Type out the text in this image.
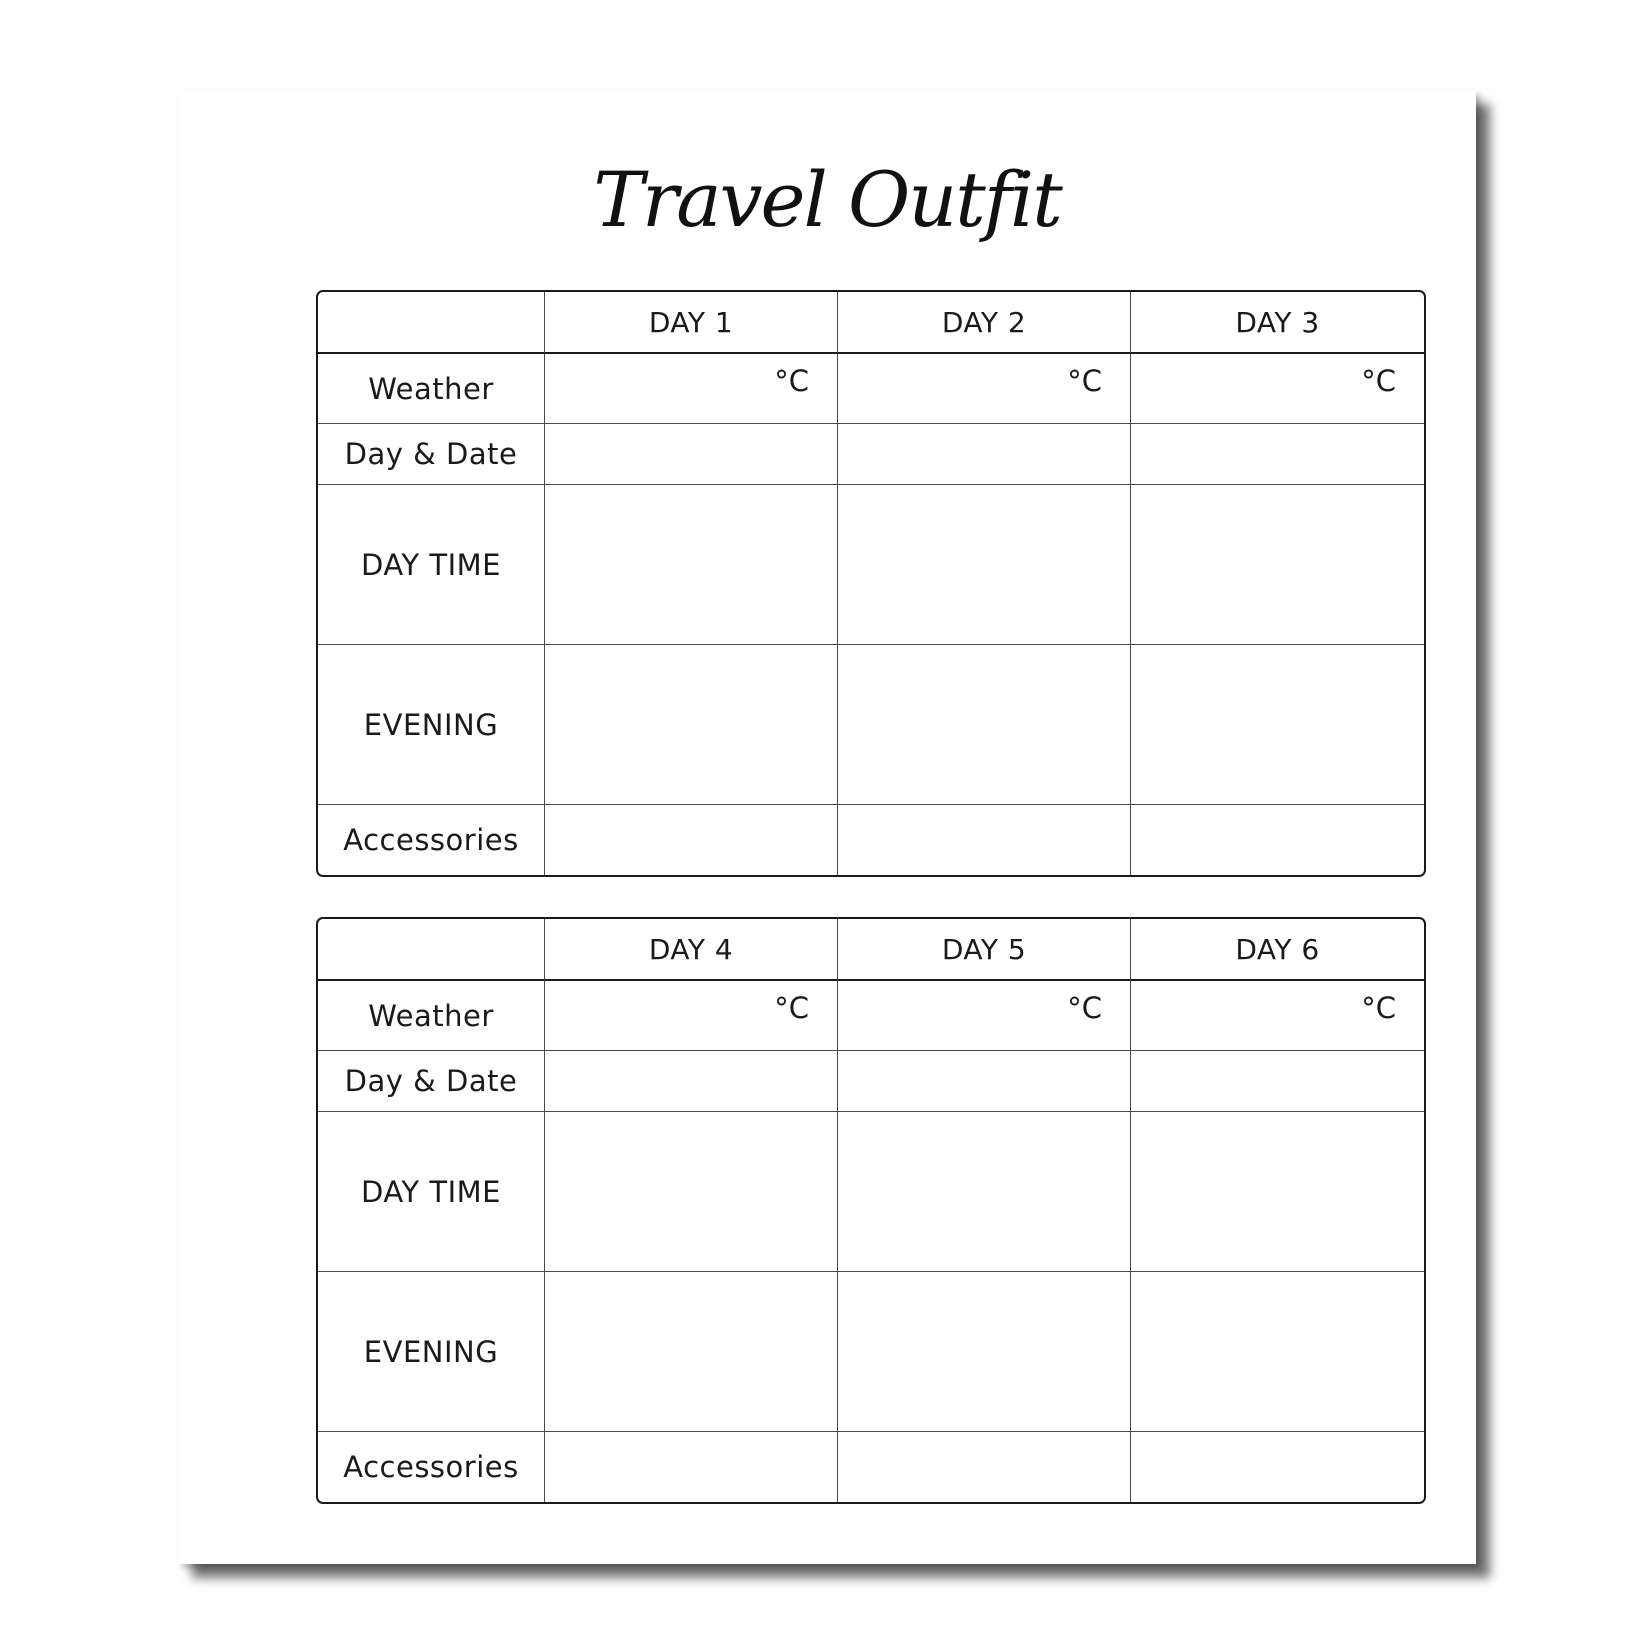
Travel Outfit
	DAY 1	DAY 2	DAY 3
Weather	°C	°C	°C
Day & Date			
DAY TIME			
EVENING			
Accessories			
	DAY 4	DAY 5	DAY 6
Weather	°C	°C	°C
Day & Date			
DAY TIME			
EVENING			
Accessories			
